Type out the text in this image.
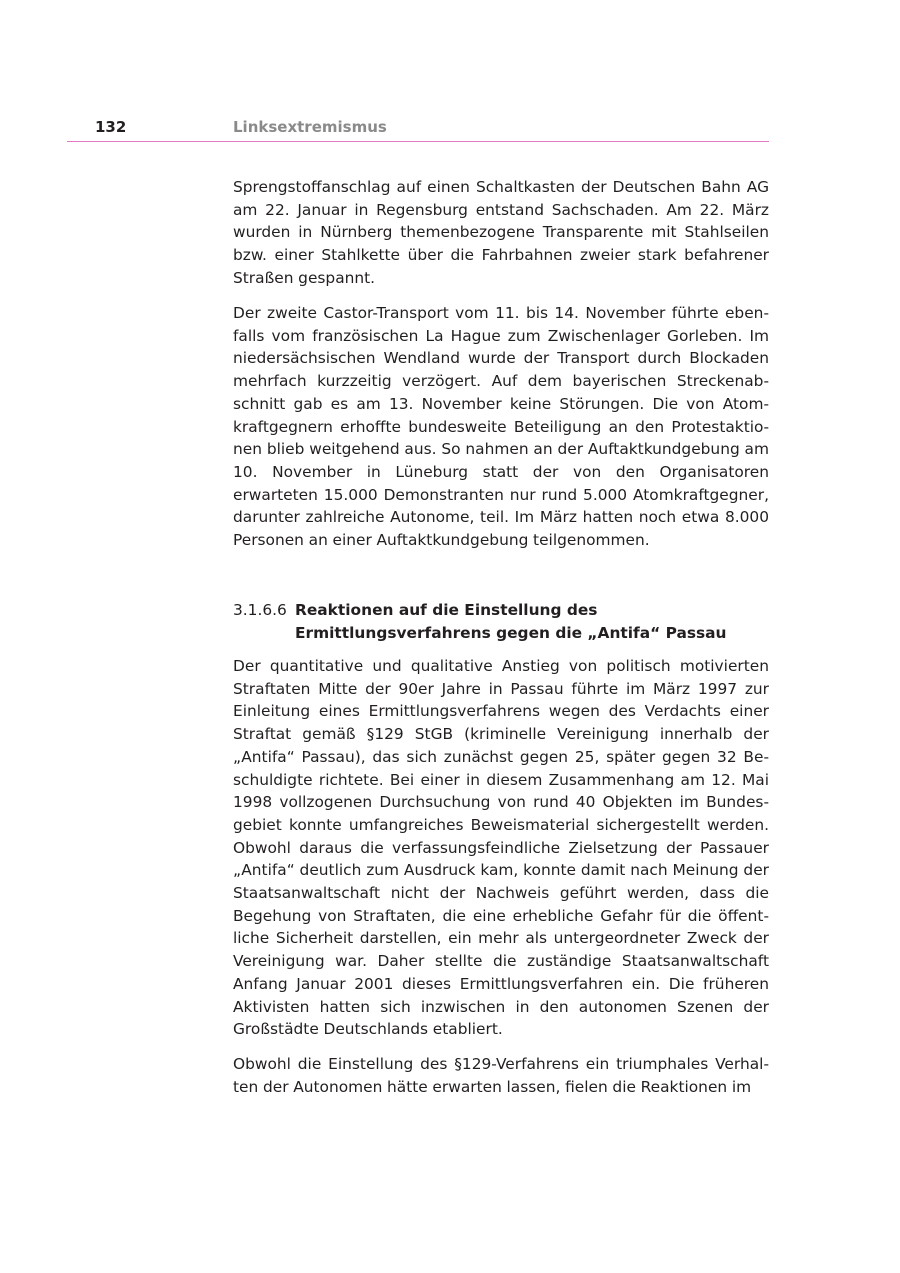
132	Linksextremismus

Sprengstoffanschlag auf einen Schaltkasten der Deutschen Bahn AG am 22. Januar in Regensburg entstand Sachschaden. Am 22. März wurden in Nürnberg themenbezogene Transparente mit Stahlseilen bzw. einer Stahlkette über die Fahrbahnen zweier stark befahrener Straßen gespannt.

Der zweite Castor-Transport vom 11. bis 14. November führte ebenfalls vom französischen La Hague zum Zwischenlager Gorleben. Im niedersächsischen Wendland wurde der Transport durch Blockaden mehrfach kurzzeitig verzögert. Auf dem bayerischen Streckenabschnitt gab es am 13. November keine Störungen. Die von Atomkraftgegnern erhoffte bundesweite Beteiligung an den Protestaktionen blieb weitgehend aus. So nahmen an der Auftaktkundgebung am 10. November in Lüneburg statt der von den Organisatoren erwarteten 15.000 Demonstranten nur rund 5.000 Atomkraftgegner, darunter zahlreiche Autonome, teil. Im März hatten noch etwa 8.000 Personen an einer Auftaktkundgebung teilgenommen.

3.1.6.6 Reaktionen auf die Einstellung des
Ermittlungsverfahrens gegen die „Antifa“ Passau

Der quantitative und qualitative Anstieg von politisch motivierten Straftaten Mitte der 90er Jahre in Passau führte im März 1997 zur Einleitung eines Ermittlungsverfahrens wegen des Verdachts einer Straftat gemäß §129 StGB (kriminelle Vereinigung innerhalb der „Antifa“ Passau), das sich zunächst gegen 25, später gegen 32 Beschuldigte richtete. Bei einer in diesem Zusammenhang am 12. Mai 1998 vollzogenen Durchsuchung von rund 40 Objekten im Bundesgebiet konnte umfangreiches Beweismaterial sichergestellt werden. Obwohl daraus die verfassungsfeindliche Zielsetzung der Passauer „Antifa“ deutlich zum Ausdruck kam, konnte damit nach Meinung der Staatsanwaltschaft nicht der Nachweis geführt werden, dass die Begehung von Straftaten, die eine erhebliche Gefahr für die öffentliche Sicherheit darstellen, ein mehr als untergeordneter Zweck der Vereinigung war. Daher stellte die zuständige Staatsanwaltschaft Anfang Januar 2001 dieses Ermittlungsverfahren ein. Die früheren Aktivisten hatten sich inzwischen in den autonomen Szenen der Großstädte Deutschlands etabliert.

Obwohl die Einstellung des §129-Verfahrens ein triumphales Verhalten der Autonomen hätte erwarten lassen, fielen die Reaktionen im
